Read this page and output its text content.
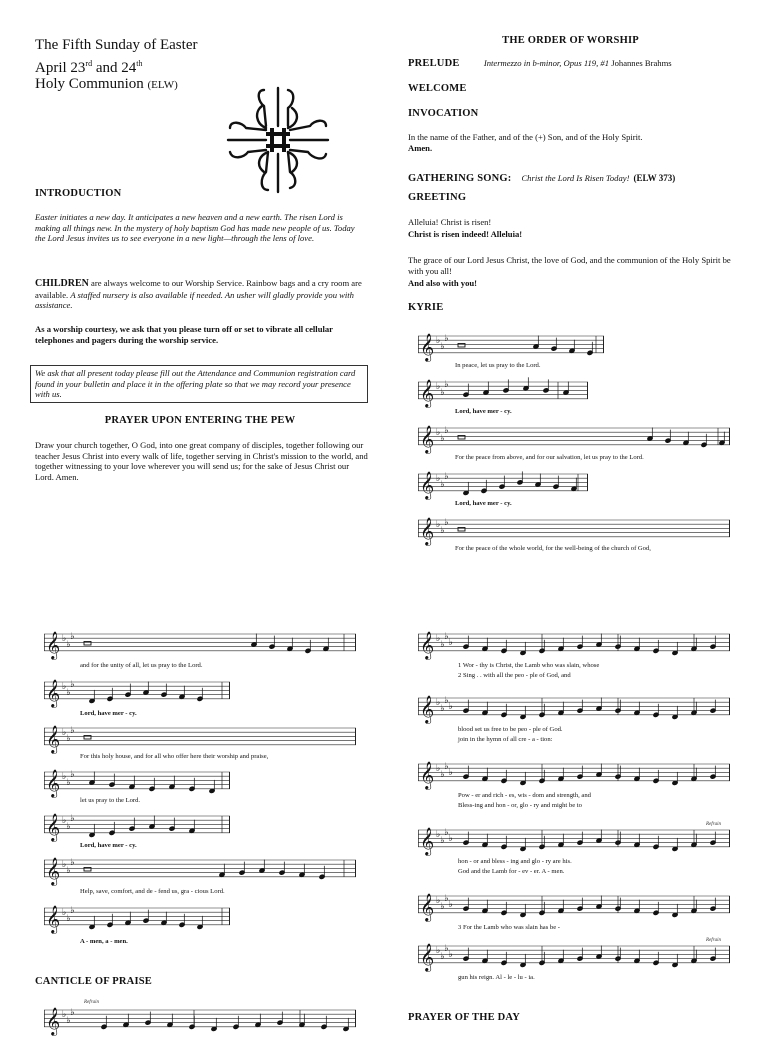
The Fifth Sunday of Easter
April 23rd and 24th
Holy Communion (ELW)
INTRODUCTION
Easter initiates a new day. It anticipates a new heaven and a new earth. The risen Lord is making all things new. In the mystery of holy baptism God has made new people of us. Today the Lord Jesus invites us to see everyone in a new light—through the lens of love.
CHILDREN are always welcome to our Worship Service. Rainbow bags and a cry room are available. A staffed nursery is also available if needed. An usher will gladly provide you with assistance.
As a worship courtesy, we ask that you please turn off or set to vibrate all cellular telephones and pagers during the worship service.
We ask that all present today please fill out the Attendance and Communion registration card found in your bulletin and place it in the offering plate so that we may record your presence with us.
PRAYER UPON ENTERING THE PEW
Draw your church together, O God, into one great company of disciples, together following our teacher Jesus Christ into every walk of life, together serving in Christ's mission to the world, and together witnessing to your love wherever you will send us; for the sake of Jesus Christ our Lord. Amen.
THE ORDER OF WORSHIP
PRELUDE	Intermezzo in b-minor, Opus 119, #1 Johannes Brahms
WELCOME
INVOCATION
In the name of the Father, and of the (+) Son, and of the Holy Spirit.
Amen.
GATHERING SONG: Christ the Lord Is Risen Today! (ELW 373)
GREETING
Alleluia! Christ is risen!
Christ is risen indeed! Alleluia!
The grace of our Lord Jesus Christ, the love of God, and the communion of the Holy Spirit be with you all!
And also with you!
KYRIE
𝄞 ♭
♭
♭
In peace, let us pray to the Lord.
𝄞 ♭
♭
♭
Lord, have mer - cy.
𝄞 ♭
♭
♭
For the peace from above, and for our salvation, let us pray to the Lord.
𝄞 ♭
♭
♭
Lord, have mer - cy.
𝄞 ♭
♭
♭
For the peace of the whole world, for the well-being of the church of God,
𝄞 ♭
♭
♭
and for the unity of all, let us pray to the Lord.
𝄞 ♭
♭
♭
Lord, have mer - cy.
𝄞 ♭
♭
♭
For this holy house, and for all who offer here their worship and praise,
𝄞 ♭
♭
♭
let us pray to the Lord.
𝄞 ♭
♭
♭
Lord, have mer - cy.
𝄞 ♭
♭
♭
Help, save, comfort, and de - fend us, gra - cious Lord.
𝄞 ♭
♭
♭
A - men, a - men.
𝄞 ♭
♭
♭
♭
1 Wor - thy is Christ, the Lamb who was slain, whose
2 Sing . . with all the peo - ple of God, and
𝄞 ♭
♭
♭
♭
blood set us free to be peo - ple of God.
join in the hymn of all cre - a - tion:
𝄞 ♭
♭
♭
♭
Pow - er and rich - es, wis - dom and strength, and
Bless-ing and hon - or, glo - ry and might be to
𝄞 ♭
♭
♭
♭
hon - or and bless - ing and glo - ry are his.
God and the Lamb for - ev - er. A - men.
𝄞 ♭
♭
♭
♭
3 For the Lamb who was slain has be -
𝄞 ♭
♭
♭
♭
gun his reign. Al - le - lu - ia.
Refrain
Refrain
CANTICLE OF PRAISE
Refrain
𝄞 ♭
♭
♭	PRAYER OF THE DAY
